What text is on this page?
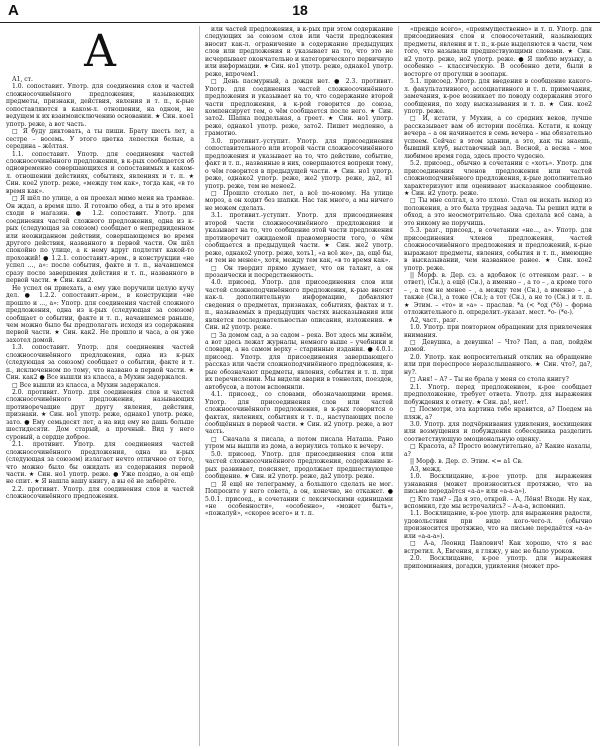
А	18
А

А1, ст.

1.0. сопоставит. Употр. для соединения слов и частей сложносочинённого предложения, называющих предметы, признаки, действия, явления и т. п., к-рые сопоставляются в каком-л. отношении, на одном, не ведущем к их взаимоисключению основании. ★ Син. кое1 употр. реже, а вот часть.

□ Я буду диктовать, а ты пиши. Брату шесть лет, а сестре – восемь. У этого цветка лепестки белые, а середина – жёлтая.

1.1. сопоставит. Употр. для соединения частей сложносочинённого предложения, в к-рых сообщается об одновременно совершающихся и сопоставимых в каком-л. отношении действиях, событиях, явлениях и т. п. ★ Син. кое2 употр. реже, «между тем как», тогда как, «в то время как».

□ Я шёл по улице, а он проехал мимо меня на трамвае. Он ждал, а время шло. Я готовлю обед, а ты в это время сходи в магазин. ● 1.2. сопоставит. Употр. для соединения частей сложного предложения, одна из к-рых (следующая за союзом) сообщает о непредвиденном или неожиданном действии, совершающемся во время другого действия, названного в первой части. Он шёл спокойно по улице, а к нему вдруг подлетит какой-то прохожий! ● 1.2.1. сопоставит.-врем., в конструкции «не успел ..., а»: после события, факте и т. п., начавшемся сразу после завершения действия и т. п., названного в первой части. ★ Син. как2.

Не успел он приехать, а ему уже поручили целую кучу дел. ● 1.2.2. сопоставит.-врем., в конструкции «не прошло и ..., а»: Употр. для соединения частей сложного предложения, одна из к-рых (следующая за союзом) сообщает о событии, факте и т. п., начавшемся раньше, чем можно было бы предполагать исходя из содержания первой части. ★ Син. как2. Не прошло и часа, а он уже захотел домой.

1.3. сопоставит. Употр. для соединения частей сложносочинённого предложения, одна из к-рых (следующая за союзом) сообщает о событии, факте и т. п., исключенном по тому, что названо в первой части. ★ Син. как2 ● Все вышли из класса, а Мухин задержался.

□ Все вышли из класса, а Мухин задержался.

2.0. противит. Употр. для соединения слов и частей сложносочинённого предложения, называющих противоречащие друг другу явления, действия, признаки. ★ Син. но1 употр. реже, однако1 употр. реже, зато. ● Ему семьдесят лет, а на вид ему не дашь больше шестидесяти. Дом старый, а прочный. Вид у него суровый, а сердце доброе.

2.1. противит. Употр. для соединения частей сложносочинённого предложения, одна из к-рых (следующая за союзом) излагает нечто отличное от того, что можно было бы ожидать из содержания первой части. ★ Син. но1 употр. реже. ● Уже поздно, а он ещё не спит. ★ Я нашла вашу книгу, а вы её не заберёте.

2.2. противит. Употр. для соединения слов и частей сложносочинённого предложения.

или частей предложения, в к-рых при этом содержание следующих за союзом слов или части предложения вносит как-л. ограничение в содержание предыдущих слов или предложения и указывает на то, что это не исчерпывает окончательно и категорического первичную или информации. ★ Син. но1 употр. реже, однако1 употр. реже, впрочем1.

□ День пасмурный, а дождя нет. ● 2.3. противит. Употр. для соединения частей сложносочинённого предложения и указывает на то, что содержание второй части предложения, в к-рой говорится до союза, компенсирует тем, о чём сообщается после него. ★ Син. зато2. Шапка поддельная, а греет. ★ Син. но1 употр. реже, однако1 употр. реже, зато2. Пишет медленно, а грамотно.

3.0. противит.-уступит. Употр. для присоединения сопоставительного или второй части сложносочинённого предложения и указывает на то, что действие, событие, факт и т. п., названные в них, совершаются вопреки тому, о чём говорится в предыдущей части. ★ Син. но1 употр. реже, однако2 употр. реже, же2 употр. реже, да2, и1 употр. реже, тем не менее2.

□ Прошло столько лет, а всё по-новому. На улице мороз, а он ходит без шапки. Нас так много, а мы ничего не можем сделать.

3.1. противит.-уступит. Употр. для присоединения второй части сложносочинённого предложения и указывает на то, что сообщение этой части предложения противоречит ожидаемой правомерности того, о чём сообщается в предыдущей части. ★ Син. же2 употр. реже, однако2 употр. реже, хоть1, «а всё же», да, ещё бы, «и тем не менее», хотя, между тем как, «в то время как».

□ Он твердит прямо думает, что он талант, а он прозаически и посредственность.

4.0. присоед. Употр. для присоединения слов или частей сложноподчинённого предложения, к-рые вносят как-л. дополнительную информацию, добавляют сведения о предметах, признаках, событиях, фактах и т. п., называемых в предыдущих частях высказывания или является последовательностью описания, изложения. ★ Син. и2 употр. реже.

□ За домом сад, а за садом – река. Вот здесь мы живём, а вот здесь лежат журналы, немного выше – учебники и словари, а на самом верху – старинные издания. ● 4.0.1. присоед. Употр. для присоединения завершающего рассказ или части сложноподчинённого предложения, к-рые обозначают предметы, явления, события и т. п. при их перечислении. Мы видели аварии в тоннелях, поездов, автобусов, а потом вспомнили.

4.1. присоед., со словами, обозначающими время. Употр. для присоединения слов или частей сложносочинённого предложения, в к-рых говорится о фактах, явлениях, событиях и т. п., наступающих после сообщённых в первой части. ★ Син. и2 употр. реже, а вот часть.

□ Сначала я писала, а потом писала Наташа. Рано утром мы вышли из дома, а вернулись только к вечеру.

5.0. присоед. Употр. для присоединения слов или частей сложносочинённого предложения, содержание к-рых развивает, поясняет, продолжает предшествующее сообщение. ★ Син. и2 употр. реже, да2 употр. реже.

□ Я ещё не телеграмму, а большого сделать не мог. Попросите у него совета, а он, конечно, не откажет. ● 5.0.1. присоед., в сочетании с лексическими единицами «не особенности», «особенно», «может быть», «пожалуй», «скорее всего» и т. п.

«прежде всего», «преимущественно» и т. п. Употр. для присоединения слов и словосочетаний, называющих предметы, явления и т. п., к-рые выделяются в части, чем того, что называли предшествующими словами. ★ Син. и2 употр. реже, но2 употр. реже. ● Я люблю музыку, а особенно – классическую. В особенно дети, были в восторге от прогулки в зоопарк.

5.1. присоед. Употр. для введения в сообщение какого-л. факультативного, ассоциативного и т. п. примечания, замечания, к-рое возникает по поводу содержания этого сообщения, по ходу высказывания и т. п. ★ Син. кое2 употр. реже.

□ И, кстати, у Мухин, а со средних веков, лучше рассказывает вам об истории посёлка. Кстати, к концу вечера – а он начинается в семь вечера – мы обязательно успеем. Сейчас в этом здании, а это, как ты знаешь, бывший клуб, выставочный зал. Весной, а весна – мое любимое время года, здесь просто чудесно.

5.2. присоед., обычно в сочетании с «хоть». Употр. для присоединения членов предложения или частей сложноподчинённого предложения, к-рые дополнительно характеризуют или оценивают высказанное сообщение. ★ Син. и2 употр. реже.

□ Ты мне солгал, а это плохо. Стал он искать выход из положения, а это была трудная задача. Ты решил идти в обход, а это неосмотрительно. Она сделала всё сама, а это никому не поручишь.

5.3. разг., присоед., в сочетании «не..., а». Употр. для присоединения членов предложения, частей сложносочинённого предложения и предложений, к-рые выражают предметы, явления, события и т. п., имеющие в высказывании, чем названное ранее. ★ Син. кое2 употр. реже.

|| Морф. в. Дер. сз. а вдобавок (с оттенком разг. – в ответ), (Сн.), а ещё (Сн.), а именно – , а то – , а кроме того – , а тем не менее – , а между тем (Сн.), а именно – , а также (Сн.), а тоже (Сн.); а тот (Сн.), а не то (Сн.) и т. п. ★ Этим. – «то» и «а» – праслав. *а (< *од (*ô) – форма отложительного п. определит.-указат. мест. *о- (*е-).

А2, част., разг.

1.0. Употр. при повторном обращении для привлечения внимания.

□ Девушка, а девушка! – Что? Пап, а пап, пойдём домой.

2.0. Употр. как вопросительный отклик на обращение или при переспросе неразслышанного. ★ Син. что?, да?, ну?.

□ Аня! – А? – Ты не брала у меня со стола книгу?

2.1. Употр. перед предложением, к-рое сообщает предположение, требует ответа. Употр. для выражения побуждения к ответу. ★ Син. да!, нет!.

□ Посмотри, эта картина тебе нравится, а? Поедем на пляж, а?

3.0. Употр. для подчёркивания удивления, восхищения или возмущения и побуждения собеседника разделить соответствующую эмоциональную оценку.

□ Красота, а? Просто возмутительно, а? Какие нахалы, а?

|| Морф. в. Дер. ∅. Этим. <= а1 Св.

А3, межд.

1.0. Восклицание, к-рое употр. для выражения узнавания (может произноситься протяжно, что на письме передаётся «а-а» или «а-а-а»).

□ Кто там? – Да я это, открой. – А, Лёня! Входи. Ну как, вспомнил, где мы встречались? – А-а-а, вспомнил.

1.1. Восклицание, к-рое употр. для выражения радости, удовольствия при виде кого-чего-л. (обычно произносится протяжно, что на письме передаётся «а-а» или «а-а-а»).

□ А-а, Леонид Павлович! Как хорошо, что я вас встретил. А, Евгения, я гляжу, у нас не было уроков.

2.0. Восклицание, к-рое употр. для выражения припоминания, догадки, удивления (может про-
